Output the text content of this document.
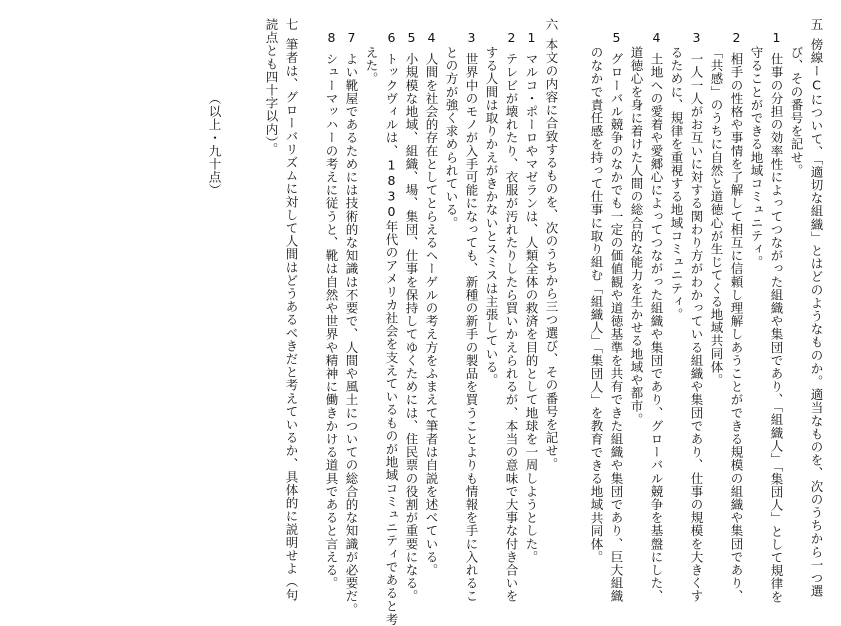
五傍線ーCについて、「適切な組織」とはどのようなものか。適当なものを、次のうちから一つ選
び、その番号を記せ。
1仕事の分担の効率性によってつながった組織や集団であり、「組織人」「集団人」として規律を
守ることができる地域コミュニティ。
2相手の性格や事情を了解して相互に信頼し理解しあうことができる規模の組織や集団であり、
「共感」のうちに自然と道徳心が生じてくる地域共同体。
3一人一人がお互いに対する関わり方がわかっている組織や集団であり、仕事の規模を大きくす
るために、規律を重視する地域コミュニティ。
4土地への愛着や愛郷心によってつながった組織や集団であり、グローバル競争を基盤にした、
道徳心を身に着けた人間の総合的な能力を生かせる地域や都市。
5グローバル競争のなかでも一定の価値観や道徳基準を共有できた組織や集団であり、巨大組織
のなかで責任感を持って仕事に取り組む「組織人」「集団人」を教育できる地域共同体。
六本文の内容に合致するものを、次のうちから三つ選び、その番号を記せ。
1マルコ・ポーロやマゼランは、人類全体の救済を目的として地球を一周しようとした。
2テレビが壊れたり、衣服が汚れたりしたら買いかえられるが、本当の意味で大事な付き合いを
する人間は取りかえがきかないとスミスは主張している。
3世界中のモノが入手可能になっても、新種の新手の製品を買うことよりも情報を手に入れるこ
との方が強く求められている。
4人間を社会的存在としてとらえるヘーゲルの考え方をふまえて筆者は自説を述べている。
5小規模な地域、組織、場、集団、仕事を保持してゆくためには、住民票の役割が重要になる。
6トックヴィルは、1830年代のアメリカ社会を支えているものが地域コミュニティであると考
えた。
7よい靴屋であるためには技術的な知識は不要で、人間や風土についての総合的な知識が必要だ。
8シューマッハーの考えに従うと、靴は自然や世界や精神に働きかける道具であると言える。
七筆者は、グローバリズムに対して人間はどうあるべきだと考えているか、具体的に説明せよ（句
読点とも四十字以内）。
（以上・九十点）
